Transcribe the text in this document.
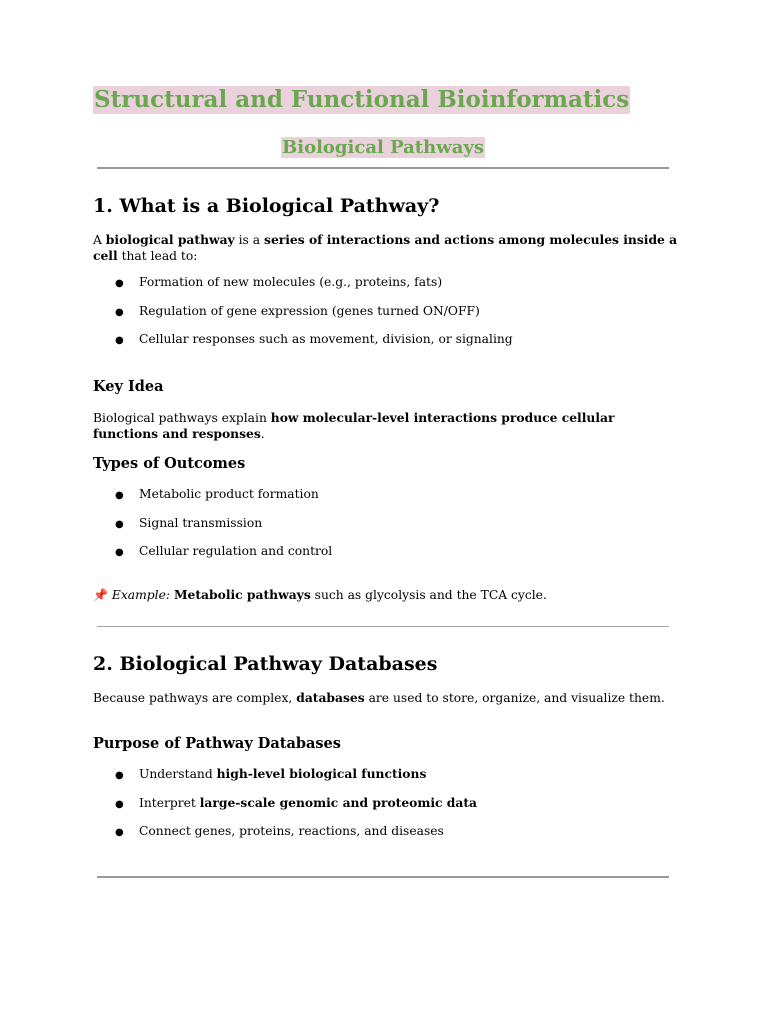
Structural and Functional Bioinformatics
Biological Pathways
1. What is a Biological Pathway?

A biological pathway is a series of interactions and actions among molecules inside a cell that lead to:

● Formation of new molecules (e.g., proteins, fats)
● Regulation of gene expression (genes turned ON/OFF)
● Cellular responses such as movement, division, or signaling
Key Idea

Biological pathways explain how molecular-level interactions produce cellular functions and responses.

Types of Outcomes
● Metabolic product formation
● Signal transmission
● Cellular regulation and control

📌 Example: Metabolic pathways such as glycolysis and the TCA cycle.

2. Biological Pathway Databases

Because pathways are complex, databases are used to store, organize, and visualize them.

Purpose of Pathway Databases
● Understand high-level biological functions
● Interpret large-scale genomic and proteomic data
● Connect genes, proteins, reactions, and diseases
